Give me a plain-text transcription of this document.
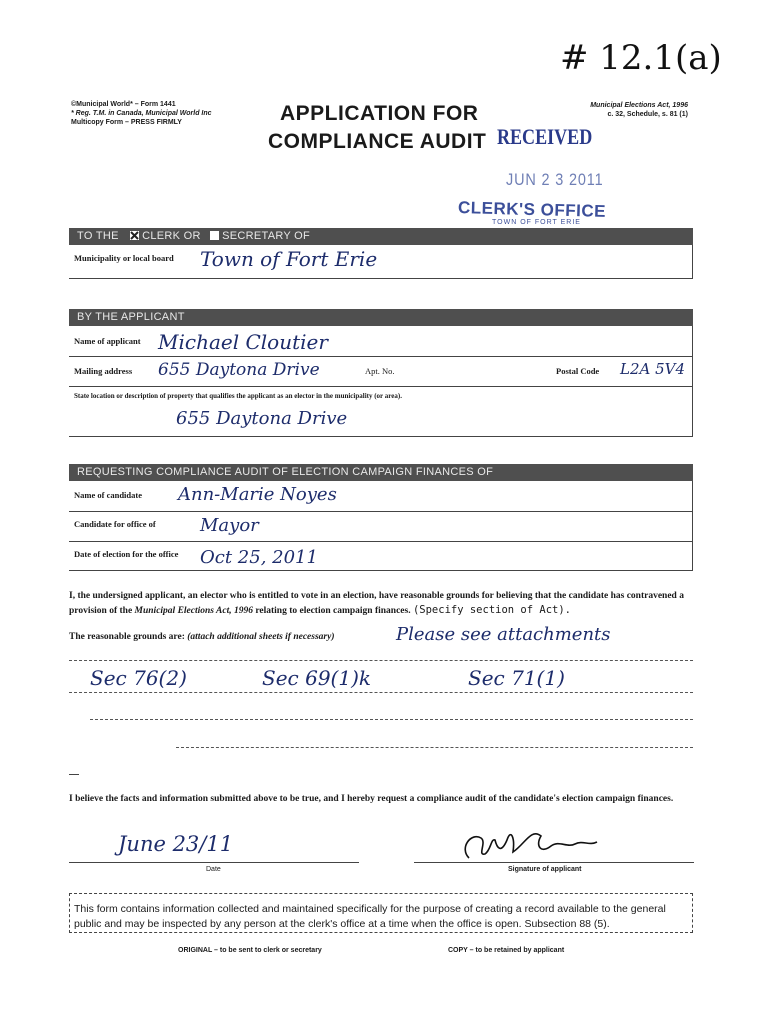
# 12.1(a)
©Municipal World* – Form 1441
* Reg. T.M. in Canada, Municipal World Inc
Multicopy Form – PRESS FIRMLY	APPLICATION FOR
COMPLIANCE AUDIT
Municipal Elections Act, 1996
c. 32, Schedule, s. 81 (1)
RECEIVED
JUN 2 3 2011
CLERK'S OFFICE
TOWN OF FORT ERIE
TO THE CLERK OR SECRETARY OF
Municipality or local board Town of Fort Erie
BY THE APPLICANT
Name of applicant Michael Cloutier
Mailing address 655 Daytona Drive	Apt. No.	Postal Code L2A 5V4
State location or description of property that qualifies the applicant as an elector in the municipality (or area).
655 Daytona Drive
REQUESTING COMPLIANCE AUDIT OF ELECTION CAMPAIGN FINANCES OF
Name of candidate Ann-Marie Noyes
Candidate for office of Mayor
Date of election for the office Oct 25, 2011
I, the undersigned applicant, an elector who is entitled to vote in an election, have reasonable grounds for believing that the candidate has contravened a provision of the Municipal Elections Act, 1996 relating to election campaign finances. (Specify section of Act).
The reasonable grounds are: (attach additional sheets if necessary)	Please see attachments
Sec 76(2)	Sec 69(1)k	Sec 71(1)
I believe the facts and information submitted above to be true, and I hereby request a compliance audit of the candidate's election campaign finances.
June 23/11
Date	Signature of applicant
This form contains information collected and maintained specifically for the purpose of creating a record available to the general public and may be inspected by any person at the clerk's office at a time when the office is open. Subsection 88 (5).
ORIGINAL – to be sent to clerk or secretary	COPY – to be retained by applicant
